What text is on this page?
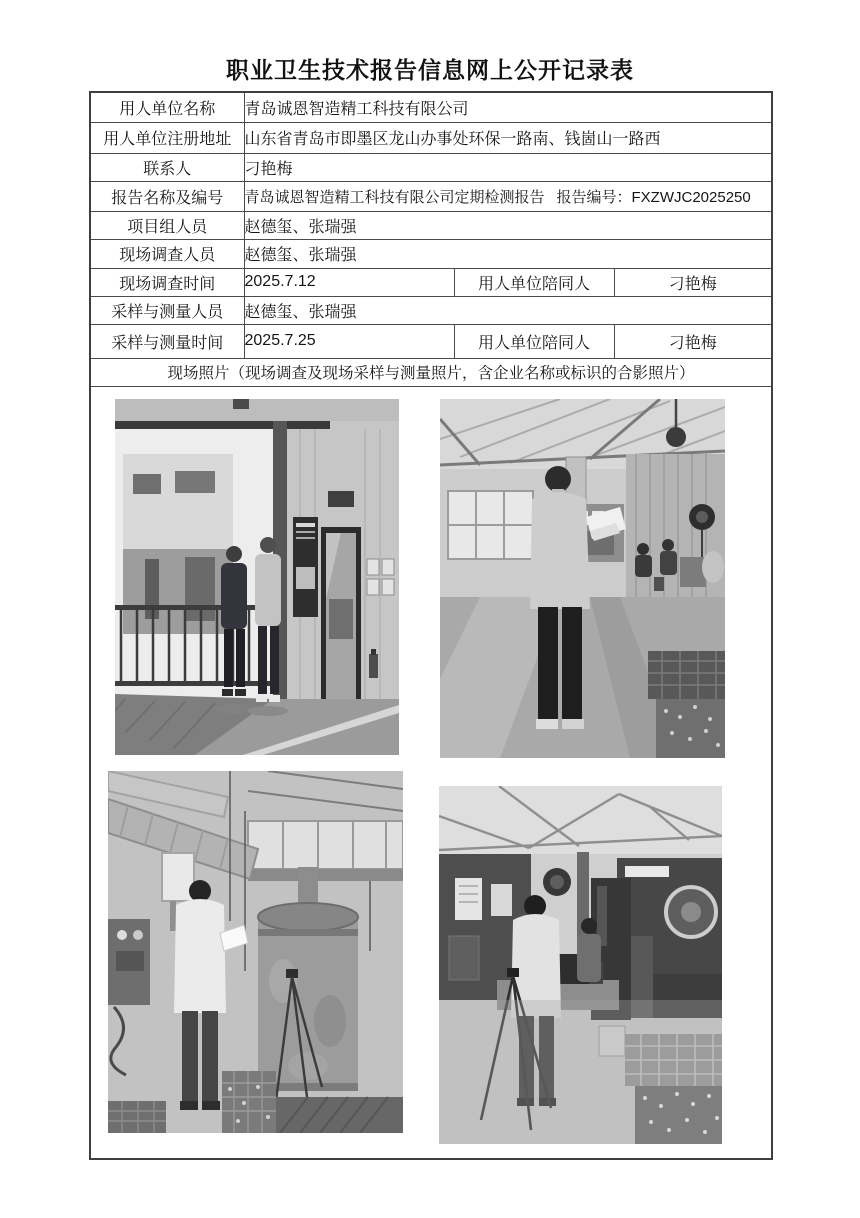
职业卫生技术报告信息网上公开记录表
用人单位名称	青岛诚恩智造精工科技有限公司		
用人单位注册地址	山东省青岛市即墨区龙山办事处环保一路南、钱崮山一路西		
联系人	刁艳梅		
报告名称及编号	青岛诚恩智造精工科技有限公司定期检测报告 报告编号：FXZWJC2025250		
项目组人员	赵德玺、张瑞强		
现场调查人员	赵德玺、张瑞强		
现场调查时间	2025.7.12	用人单位陪同人	刁艳梅
采样与测量人员	赵德玺、张瑞强		
采样与测量时间	2025.7.25	用人单位陪同人	刁艳梅
现场照片（现场调查及现场采样与测量照片，含企业名称或标识的合影照片）			
